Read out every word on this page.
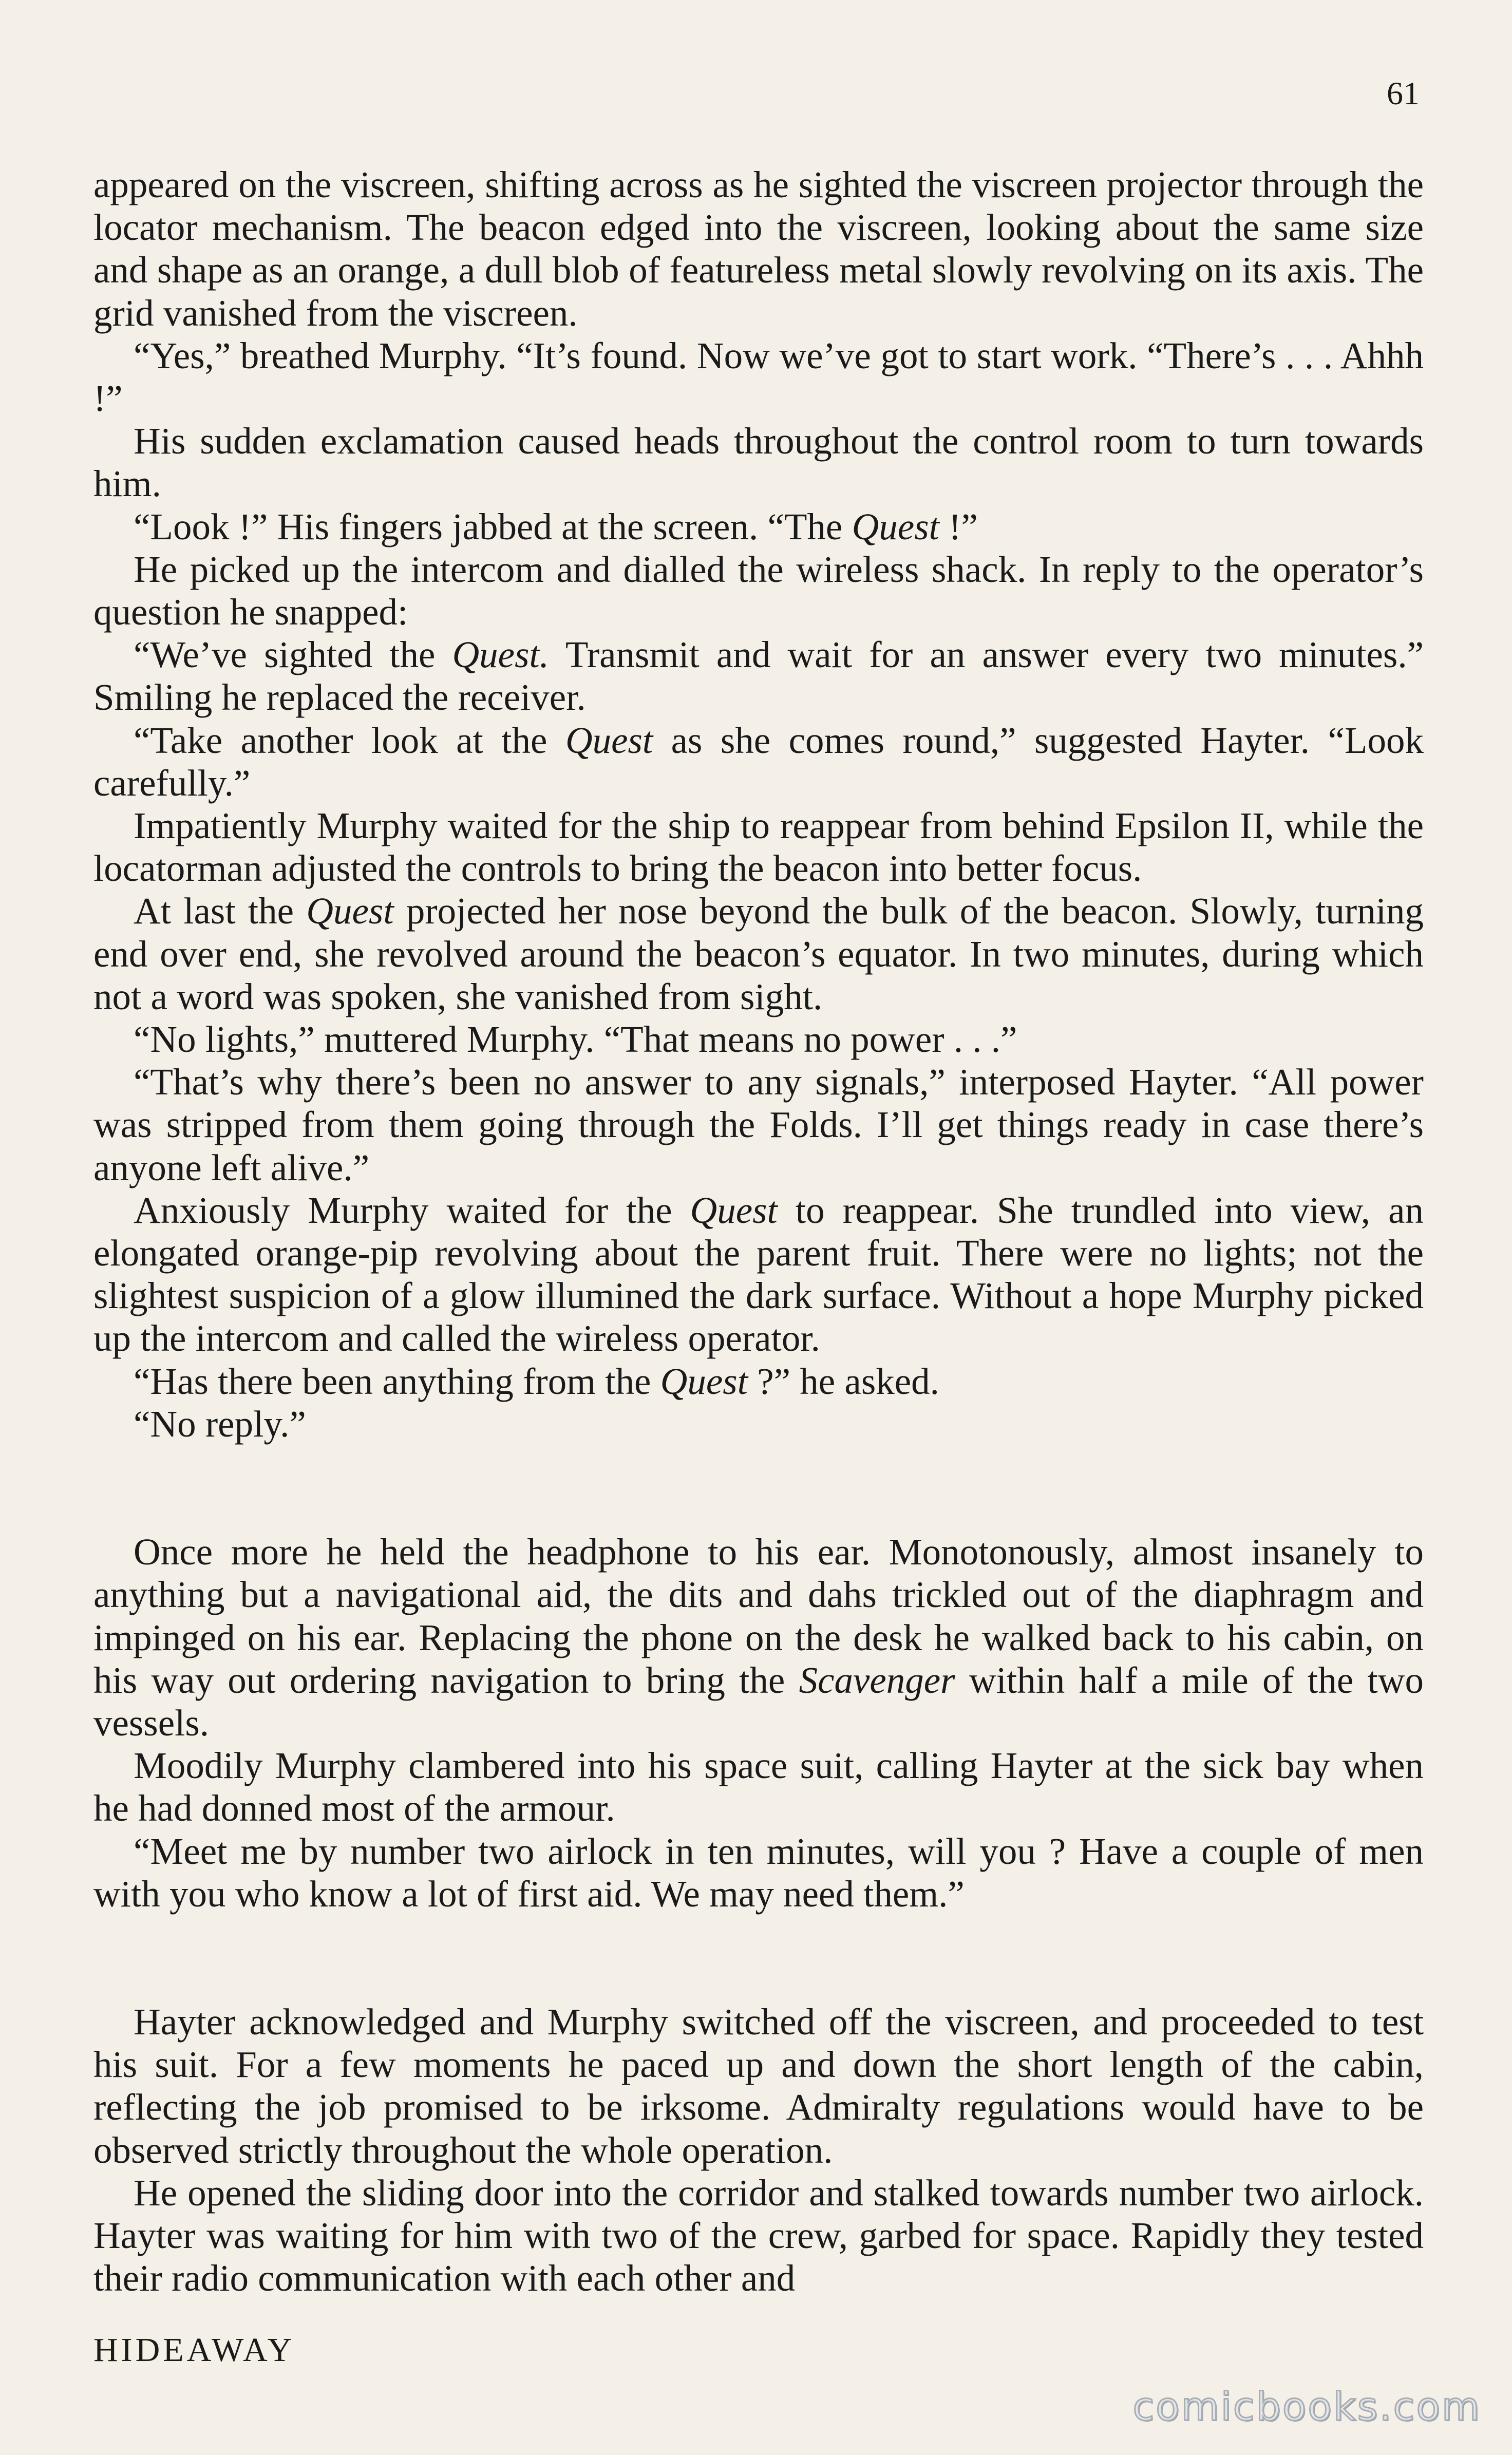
61

appeared on the viscreen, shifting across as he sighted the viscreen projector through the locator mechanism. The beacon edged into the viscreen, looking about the same size and shape as an orange, a dull blob of featureless metal slowly revolving on its axis. The grid vanished from the viscreen.

“Yes,” breathed Murphy. “It’s found. Now we’ve got to start work. “There’s . . . Ahhh !”

His sudden exclamation caused heads throughout the control room to turn towards him.

“Look !” His fingers jabbed at the screen. “The Quest !”

He picked up the intercom and dialled the wireless shack. In reply to the operator’s question he snapped:

“We’ve sighted the Quest. Transmit and wait for an answer every two minutes.” Smiling he replaced the receiver.

“Take another look at the Quest as she comes round,” suggested Hayter. “Look carefully.”

Impatiently Murphy waited for the ship to reappear from behind Epsilon II, while the locatorman adjusted the controls to bring the beacon into better focus.

At last the Quest projected her nose beyond the bulk of the beacon. Slowly, turning end over end, she revolved around the beacon’s equator. In two minutes, during which not a word was spoken, she vanished from sight.

“No lights,” muttered Murphy. “That means no power . . .”

“That’s why there’s been no answer to any signals,” interposed Hayter. “All power was stripped from them going through the Folds. I’ll get things ready in case there’s anyone left alive.”

Anxiously Murphy waited for the Quest to reappear. She trundled into view, an elongated orange-pip revolving about the parent fruit. There were no lights; not the slightest suspicion of a glow illumined the dark surface. Without a hope Murphy picked up the intercom and called the wireless operator.

“Has there been anything from the Quest ?” he asked.

“No reply.”

Once more he held the headphone to his ear. Monotonously, almost insanely to anything but a navigational aid, the dits and dahs trickled out of the diaphragm and impinged on his ear. Replacing the phone on the desk he walked back to his cabin, on his way out ordering navigation to bring the Scavenger within half a mile of the two vessels.

Moodily Murphy clambered into his space suit, calling Hayter at the sick bay when he had donned most of the armour.

“Meet me by number two airlock in ten minutes, will you ? Have a couple of men with you who know a lot of first aid. We may need them.”

Hayter acknowledged and Murphy switched off the viscreen, and proceeded to test his suit. For a few moments he paced up and down the short length of the cabin, reflecting the job promised to be irksome. Admiralty regulations would have to be observed strictly throughout the whole operation.

He opened the sliding door into the corridor and stalked towards number two airlock. Hayter was waiting for him with two of the crew, garbed for space. Rapidly they tested their radio communication with each other and

HIDEAWAY
comicbooks.com
